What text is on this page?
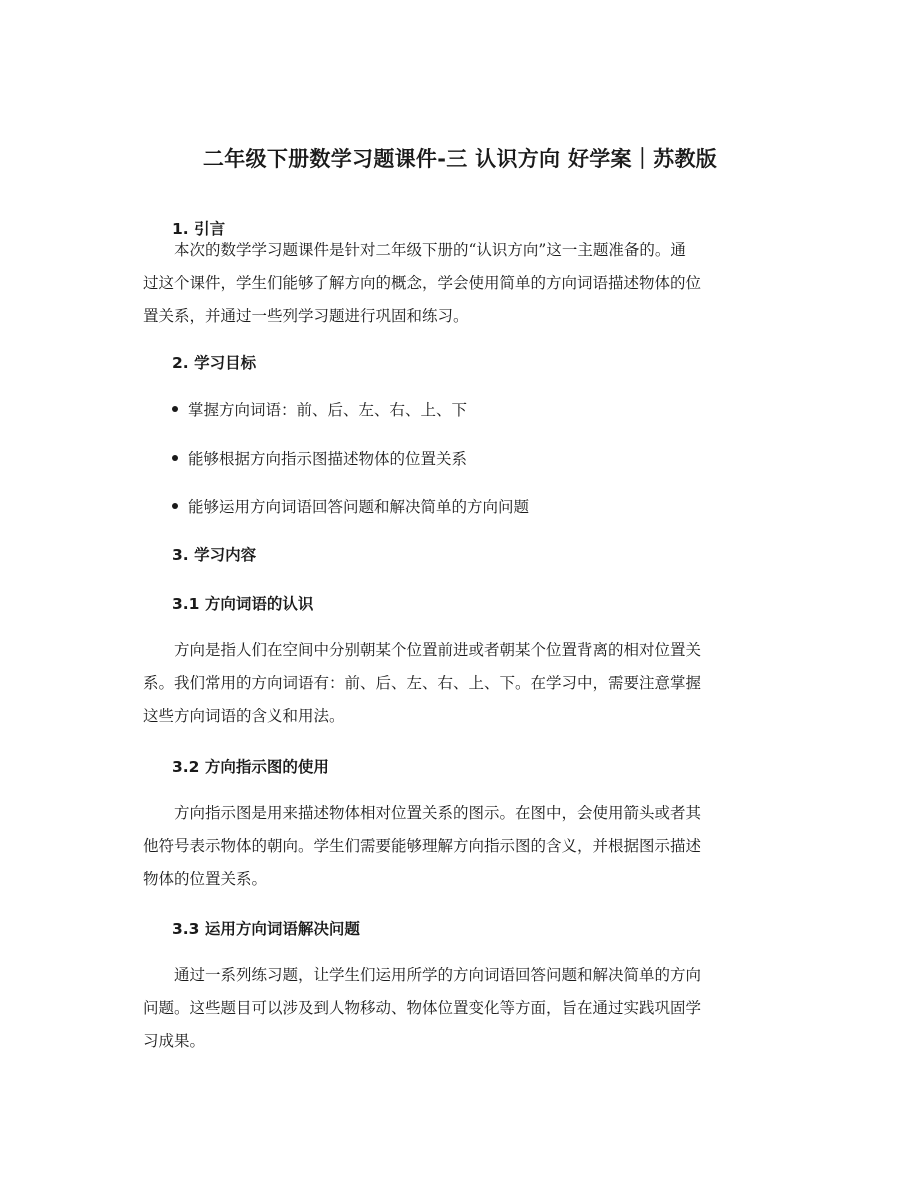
二年级下册数学习题课件-三 认识方向 好学案｜苏教版
1. 引言
本次的数学学习题课件是针对二年级下册的“认识方向”这一主题准备的。通
过这个课件，学生们能够了解方向的概念，学会使用简单的方向词语描述物体的位
置关系，并通过一些列学习题进行巩固和练习。
2. 学习目标
掌握方向词语：前、后、左、右、上、下
能够根据方向指示图描述物体的位置关系
能够运用方向词语回答问题和解决简单的方向问题
3. 学习内容
3.1 方向词语的认识
方向是指人们在空间中分别朝某个位置前进或者朝某个位置背离的相对位置关
系。我们常用的方向词语有：前、后、左、右、上、下。在学习中，需要注意掌握
这些方向词语的含义和用法。
3.2 方向指示图的使用
方向指示图是用来描述物体相对位置关系的图示。在图中，会使用箭头或者其
他符号表示物体的朝向。学生们需要能够理解方向指示图的含义，并根据图示描述
物体的位置关系。
3.3 运用方向词语解决问题
通过一系列练习题，让学生们运用所学的方向词语回答问题和解决简单的方向
问题。这些题目可以涉及到人物移动、物体位置变化等方面，旨在通过实践巩固学
习成果。
